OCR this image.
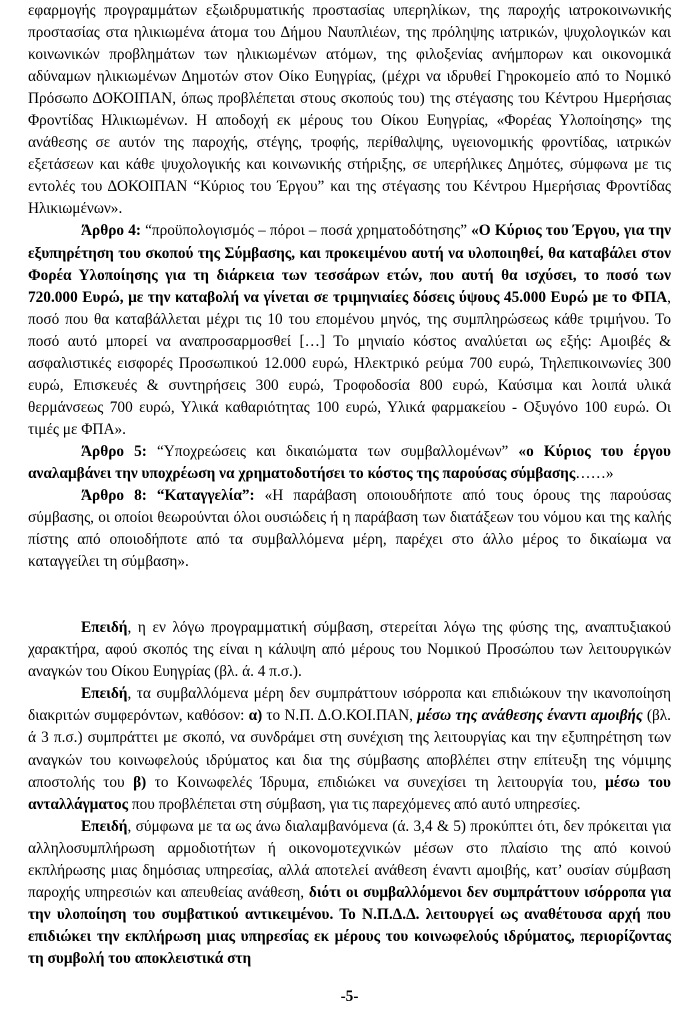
εφαρμογής προγραμμάτων εξωιδρυματικής προστασίας υπερηλίκων, της παροχής ιατροκοινωνικής προστασίας στα ηλικιωμένα άτομα του Δήμου Ναυπλιέων, της πρόληψης ιατρικών, ψυχολογικών και κοινωνικών προβλημάτων των ηλικιωμένων ατόμων, της φιλοξενίας ανήμπορων και οικονομικά αδύναμων ηλικιωμένων Δημοτών στον Οίκο Ευηγρίας, (μέχρι να ιδρυθεί Γηροκομείο από το Νομικό Πρόσωπο ΔΟΚΟΙΠΑΝ, όπως προβλέπεται στους σκοπούς του) της στέγασης του Κέντρου Ημερήσιας Φροντίδας Ηλικιωμένων. Η αποδοχή εκ μέρους του Οίκου Ευηγρίας, «Φορέας Υλοποίησης» της ανάθεσης σε αυτόν της παροχής, στέγης, τροφής, περίθαλψης, υγειονομικής φροντίδας, ιατρικών εξετάσεων και κάθε ψυχολογικής και κοινωνικής στήριξης, σε υπερήλικες Δημότες, σύμφωνα με τις εντολές του ΔΟΚΟΙΠΑΝ “Κύριος του Έργου” και της στέγασης του Κέντρου Ημερήσιας Φροντίδας Ηλικιωμένων».

Άρθρο 4: “προϋπολογισμός – πόροι – ποσά χρηματοδότησης” «Ο Κύριος του Έργου, για την εξυπηρέτηση του σκοπού της Σύμβασης, και προκειμένου αυτή να υλοποιηθεί, θα καταβάλει στον Φορέα Υλοποίησης για τη διάρκεια των τεσσάρων ετών, που αυτή θα ισχύσει, το ποσό των 720.000 Ευρώ, με την καταβολή να γίνεται σε τριμηνιαίες δόσεις ύψους 45.000 Ευρώ με το ΦΠΑ, ποσό που θα καταβάλλεται μέχρι τις 10 του επομένου μηνός, της συμπληρώσεως κάθε τριμήνου. Το ποσό αυτό μπορεί να αναπροσαρμοσθεί […] Το μηνιαίο κόστος αναλύεται ως εξής: Αμοιβές & ασφαλιστικές εισφορές Προσωπικού 12.000 ευρώ, Ηλεκτρικό ρεύμα 700 ευρώ, Τηλεπικοινωνίες 300 ευρώ, Επισκευές & συντηρήσεις 300 ευρώ, Τροφοδοσία 800 ευρώ, Καύσιμα και λοιπά υλικά θερμάνσεως 700 ευρώ, Υλικά καθαριότητας 100 ευρώ, Υλικά φαρμακείου - Οξυγόνο 100 ευρώ. Οι τιμές με ΦΠΑ».

Άρθρο 5: “Υποχρεώσεις και δικαιώματα των συμβαλλομένων” «ο Κύριος του έργου αναλαμβάνει την υποχρέωση να χρηματοδοτήσει το κόστος της παρούσας σύμβασης……»

Άρθρο 8: “Καταγγελία”: «Η παράβαση οποιουδήποτε από τους όρους της παρούσας σύμβασης, οι οποίοι θεωρούνται όλοι ουσιώδεις ή η παράβαση των διατάξεων του νόμου και της καλής πίστης από οποιοδήποτε από τα συμβαλλόμενα μέρη, παρέχει στο άλλο μέρος το δικαίωμα να καταγγείλει τη σύμβαση».

Επειδή, η εν λόγω προγραμματική σύμβαση, στερείται λόγω της φύσης της, αναπτυξιακού χαρακτήρα, αφού σκοπός της είναι η κάλυψη από μέρους του Νομικού Προσώπου των λειτουργικών αναγκών του Οίκου Ευηγρίας (βλ. ά. 4 π.σ.).

Επειδή, τα συμβαλλόμενα μέρη δεν συμπράττουν ισόρροπα και επιδιώκουν την ικανοποίηση διακριτών συμφερόντων, καθόσον: α) το Ν.Π. Δ.Ο.ΚΟΙ.ΠΑΝ, μέσω της ανάθεσης έναντι αμοιβής (βλ. ά 3 π.σ.) συμπράττει με σκοπό, να συνδράμει στη συνέχιση της λειτουργίας και την εξυπηρέτηση των αναγκών του κοινωφελούς ιδρύματος και δια της σύμβασης αποβλέπει στην επίτευξη της νόμιμης αποστολής του β) το Κοινωφελές Ίδρυμα, επιδιώκει να συνεχίσει τη λειτουργία του, μέσω του ανταλλάγματος που προβλέπεται στη σύμβαση, για τις παρεχόμενες από αυτό υπηρεσίες.

Επειδή, σύμφωνα με τα ως άνω διαλαμβανόμενα (ά. 3,4 & 5) προκύπτει ότι, δεν πρόκειται για αλληλοσυμπλήρωση αρμοδιοτήτων ή οικονομοτεχνικών μέσων στο πλαίσιο της από κοινού εκπλήρωσης μιας δημόσιας υπηρεσίας, αλλά αποτελεί ανάθεση έναντι αμοιβής, κατ’ ουσίαν σύμβαση παροχής υπηρεσιών και απευθείας ανάθεση, διότι οι συμβαλλόμενοι δεν συμπράττουν ισόρροπα για την υλοποίηση του συμβατικού αντικειμένου. Το Ν.Π.Δ.Δ. λειτουργεί ως αναθέτουσα αρχή που επιδιώκει την εκπλήρωση μιας υπηρεσίας εκ μέρους του κοινωφελούς ιδρύματος, περιορίζοντας τη συμβολή του αποκλειστικά στη

-5-
